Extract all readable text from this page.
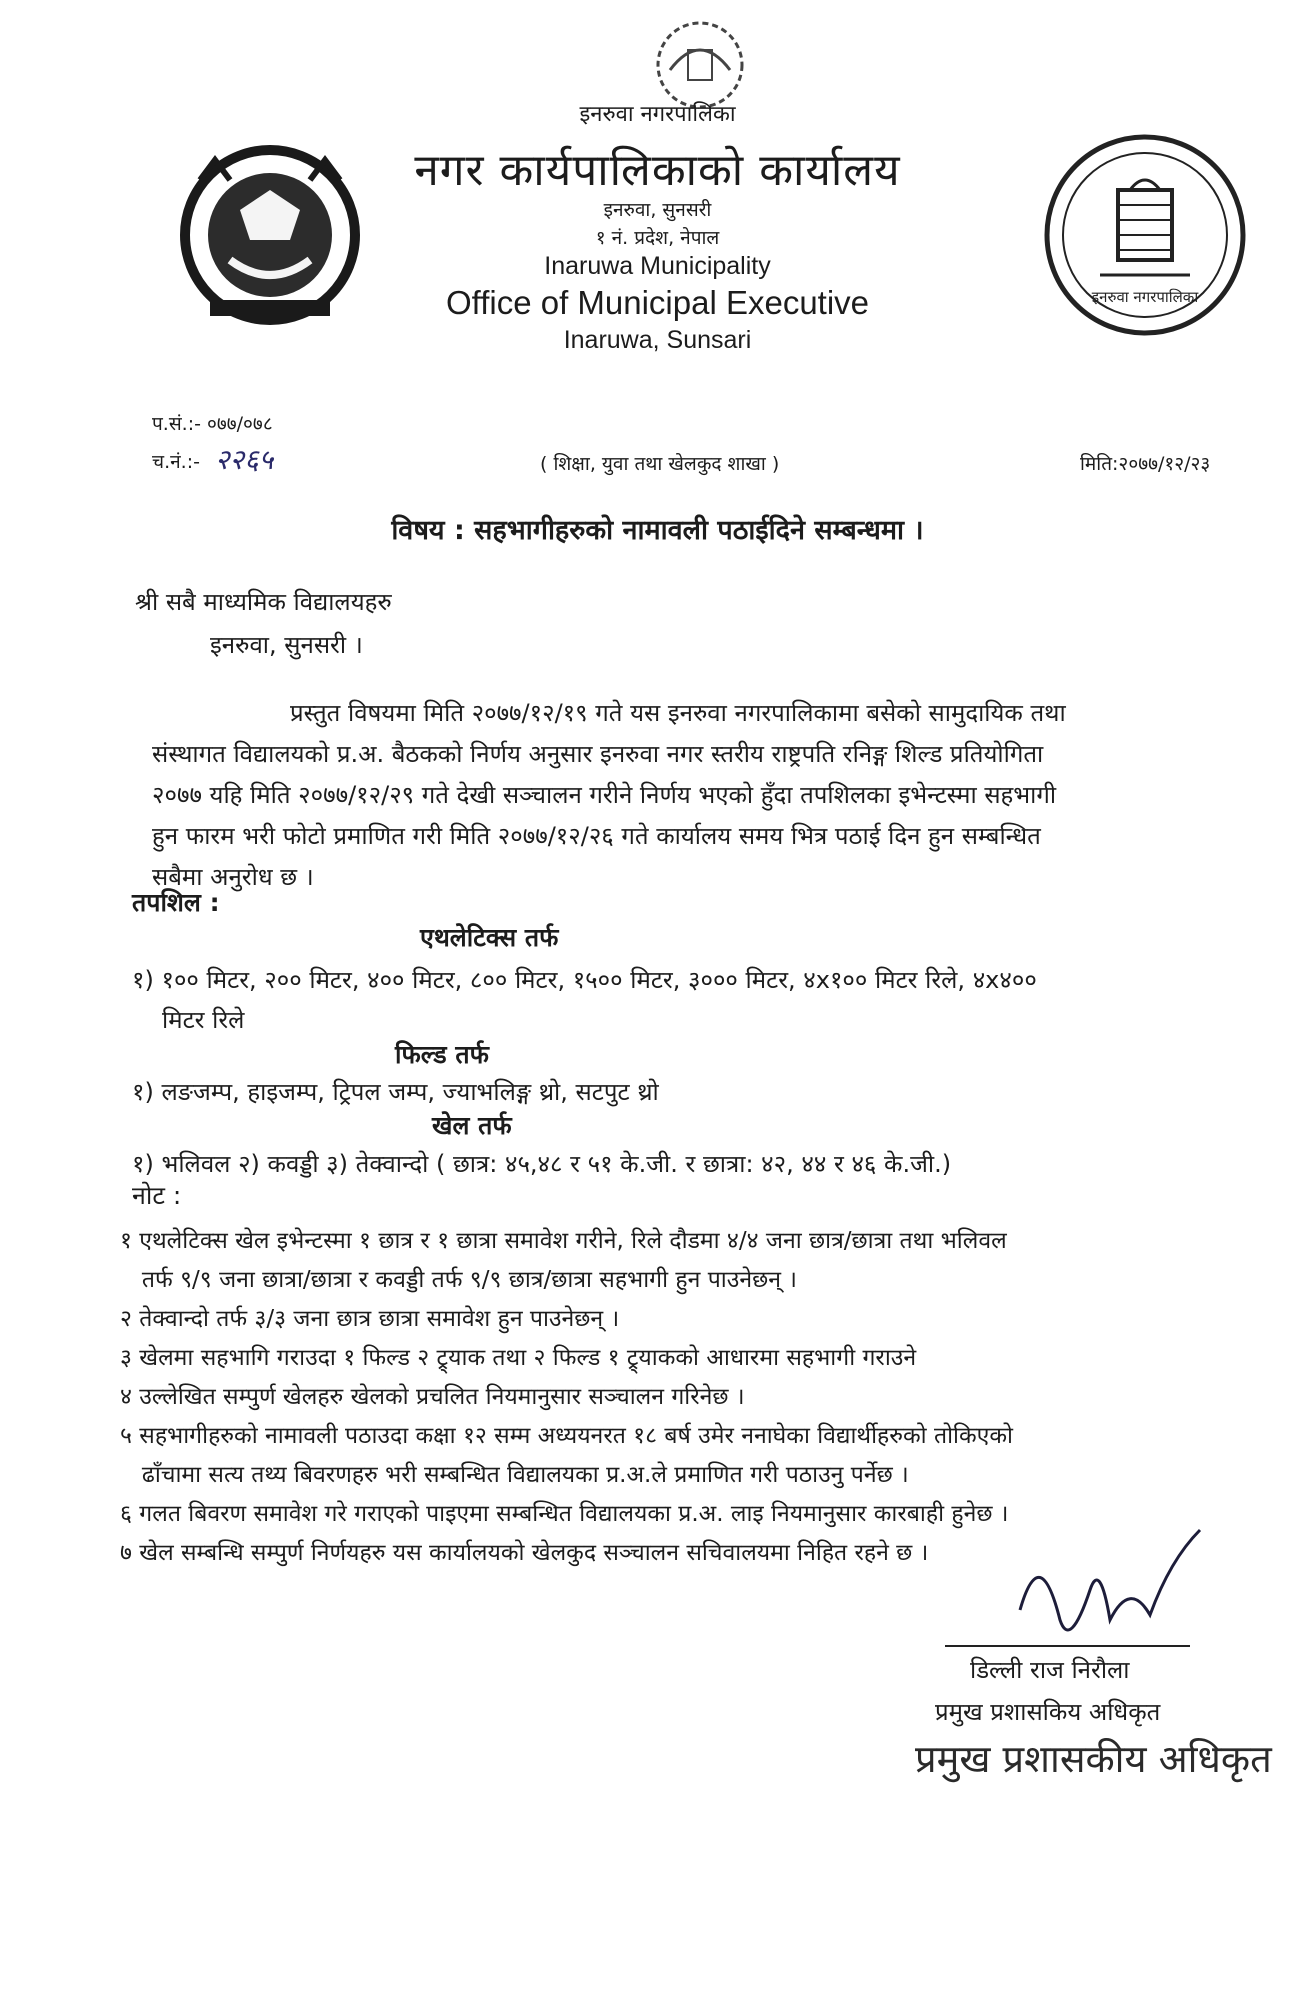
इनरुवा नगरपालिका
नगर कार्यपालिकाको कार्यालय
इनरुवा, सुनसरी
१ नं. प्रदेश, नेपाल
Inaruwa Municipality
Office of Municipal Executive
Inaruwa, Sunsari
इनरुवा नगरपालिका
प.सं.:- ०७७/०७८
च.नं.:- २२६५	( शिक्षा, युवा तथा खेलकुद शाखा )	मिति:२०७७/१२/२३
विषय : सहभागीहरुको नामावली पठाईदिने सम्बन्धमा ।
श्री सबै माध्यमिक विद्यालयहरु
इनरुवा, सुनसरी ।
प्रस्तुत विषयमा मिति २०७७/१२/१९ गते यस इनरुवा नगरपालिकामा बसेको सामुदायिक तथा
संस्थागत विद्यालयको प्र.अ. बैठकको निर्णय अनुसार इनरुवा नगर स्तरीय राष्ट्रपति रनिङ्ग शिल्ड प्रतियोगिता
२०७७ यहि मिति २०७७/१२/२९ गते देखी सञ्चालन गरीने निर्णय भएको हुँदा तपशिलका इभेन्टस्मा सहभागी
हुन फारम भरी फोटो प्रमाणित गरी मिति २०७७/१२/२६ गते कार्यालय समय भित्र पठाई दिन हुन सम्बन्धित
सबैमा अनुरोध छ ।
तपशिल :
एथलेटिक्स तर्फ
१) १०० मिटर, २०० मिटर, ४०० मिटर, ८०० मिटर, १५०० मिटर, ३००० मिटर, ४x१०० मिटर रिले, ४x४००
मिटर रिले
फिल्ड तर्फ
१) लङजम्प, हाइजम्प, ट्रिपल जम्प, ज्याभलिङ्ग थ्रो, सटपुट थ्रो
खेल तर्फ
१) भलिवल २) कवड्डी ३) तेक्वान्दो ( छात्र: ४५,४८ र ५१ के.जी. र छात्रा: ४२, ४४ र ४६ के.जी.)
नोट :
१ एथलेटिक्स खेल इभेन्टस्मा १ छात्र र १ छात्रा समावेश गरीने, रिले दौडमा ४/४ जना छात्र/छात्रा तथा भलिवल
तर्फ ९/९ जना छात्रा/छात्रा र कवड्डी तर्फ ९/९ छात्र/छात्रा सहभागी हुन पाउनेछन् ।
२ तेक्वान्दो तर्फ ३/३ जना छात्र छात्रा समावेश हुन पाउनेछन् ।
३ खेलमा सहभागि गराउदा १ फिल्ड २ ट्र्याक तथा २ फिल्ड १ ट्र्याकको आधारमा सहभागी गराउने
४ उल्लेखित सम्पुर्ण खेलहरु खेलको प्रचलित नियमानुसार सञ्चालन गरिनेछ ।
५ सहभागीहरुको नामावली पठाउदा कक्षा १२ सम्म अध्ययनरत १८ बर्ष उमेर ननाघेका विद्यार्थीहरुको तोकिएको
ढाँचामा सत्य तथ्य बिवरणहरु भरी सम्बन्धित विद्यालयका प्र.अ.ले प्रमाणित गरी पठाउनु पर्नेछ ।
६ गलत बिवरण समावेश गरे गराएको पाइएमा सम्बन्धित विद्यालयका प्र.अ. लाइ नियमानुसार कारबाही हुनेछ ।
७ खेल सम्बन्धि सम्पुर्ण निर्णयहरु यस कार्यालयको खेलकुद सञ्चालन सचिवालयमा निहित रहने छ ।
डिल्ली राज निरौला
प्रमुख प्रशासकिय अधिकृत
प्रमुख प्रशासकीय अधिकृत
